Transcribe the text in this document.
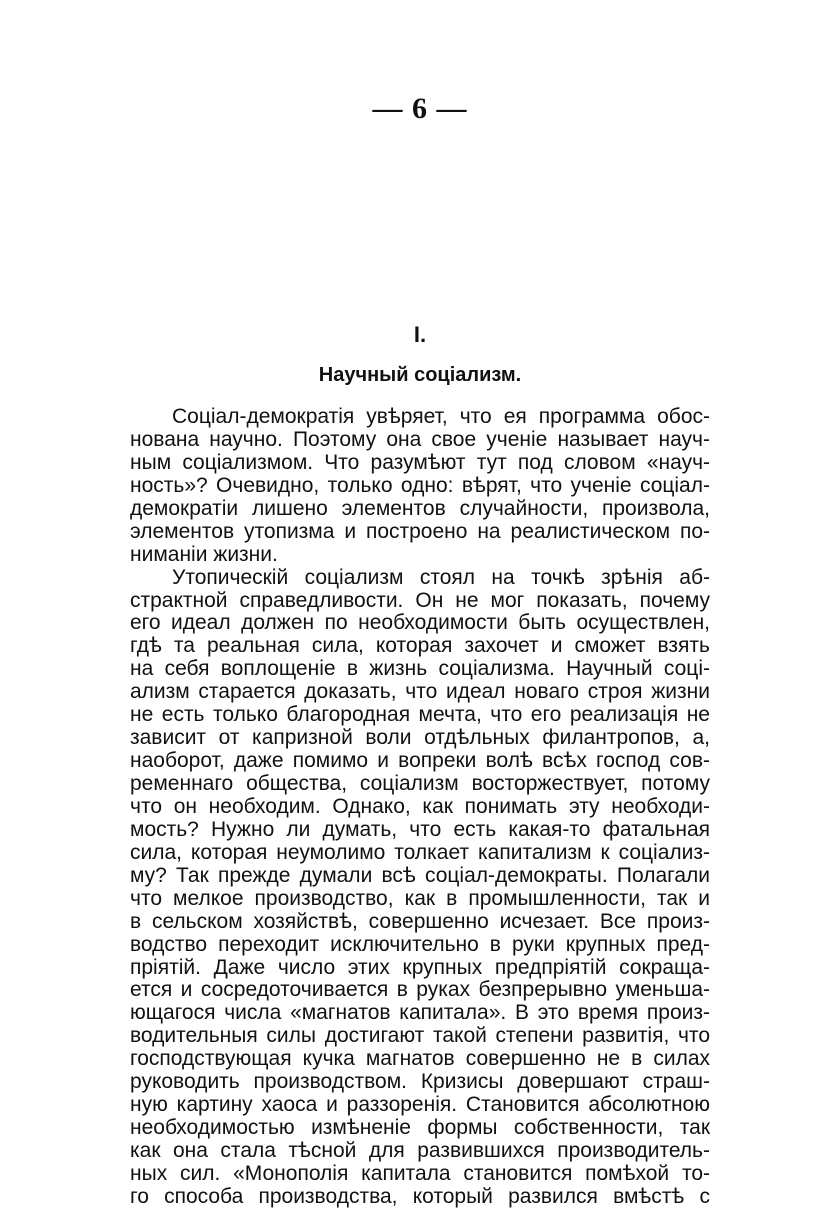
— 6 —
I.
Научный соціализм.
Соціал-демократія увѣряет, что ея программа обос-
нована научно. Поэтому она свое ученіе называет науч-
ным соціализмом. Что разумѣют тут под словом «науч-
ность»? Очевидно, только одно: вѣрят, что ученіе соціал-
демократіи лишено элементов случайности, произвола,
элементов утопизма и построено на реалистическом по-
ниманіи жизни.
Утопическій соціализм стоял на точкѣ зрѣнія аб-
страктной справедливости. Он не мог показать, почему
его идеал должен по необходимости быть осуществлен,
гдѣ та реальная сила, которая захочет и сможет взять
на себя воплощеніе в жизнь соціализма. Научный соці-
ализм старается доказать, что идеал новаго строя жизни
не есть только благородная мечта, что его реализація не
зависит от капризной воли отдѣльных филантропов, а,
наоборот, даже помимо и вопреки волѣ всѣх господ сов-
ременнаго общества, соціализм восторжествует, потому
что он необходим. Однако, как понимать эту необходи-
мость? Нужно ли думать, что есть какая-то фатальная
сила, которая неумолимо толкает капитализм к соціализ-
му? Так прежде думали всѣ соціал-демократы. Полагали
что мелкое производство, как в промышленности, так и
в сельском хозяйствѣ, совершенно исчезает. Все произ-
водство переходит исключительно в руки крупных пред-
пріятій. Даже число этих крупных предпріятій сокраща-
ется и сосредоточивается в руках безпрерывно уменьша-
ющагося числа «магнатов капитала». В это время произ-
водительныя силы достигают такой степени развитія, что
господствующая кучка магнатов совершенно не в силах
руководить производством. Кризисы довершают страш-
ную картину хаоса и раззоренія. Становится абсолютною
необходимостью измѣненіе формы собственности, так
как она стала тѣсной для развившихся производитель-
ных сил. «Монополія капитала становится помѣхой то-
го способа производства, который развился вмѣстѣ с
